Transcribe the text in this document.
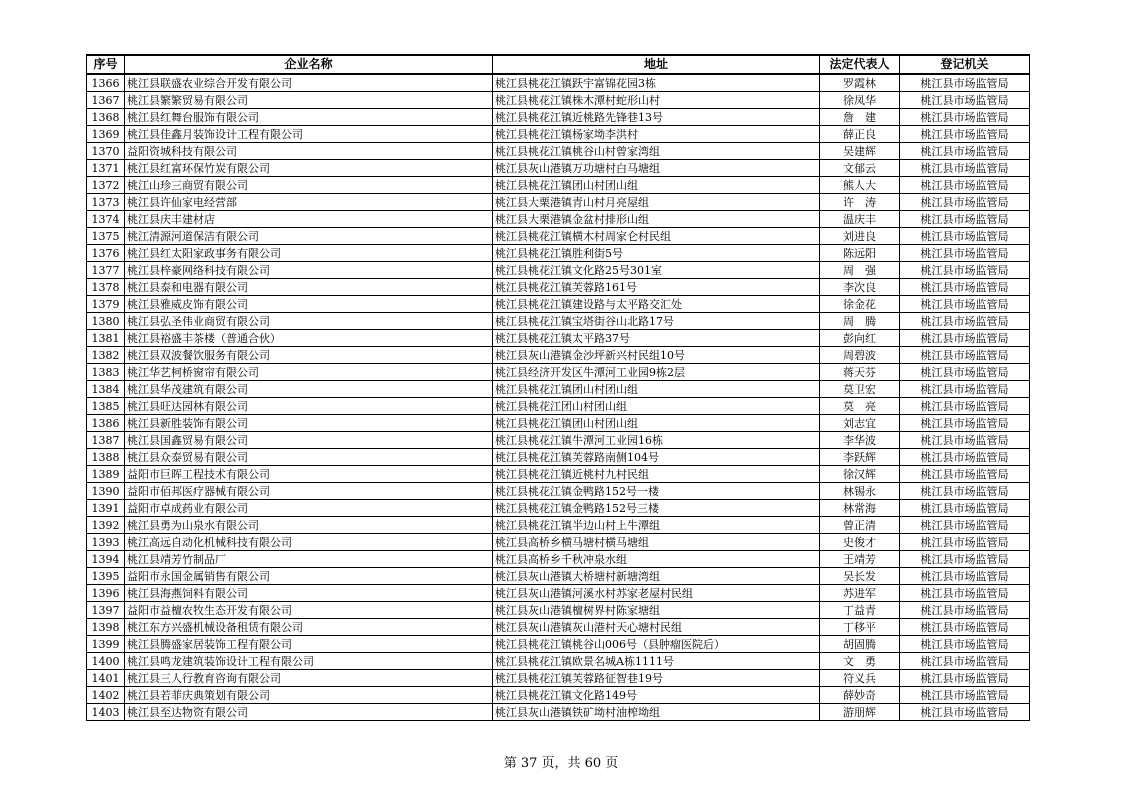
序号	企业名称	地址	法定代表人	登记机关
1366	桃江县联盛农业综合开发有限公司	桃江县桃花江镇跃宇富锦花园3栋	罗霞林	桃江县市场监管局
1367	桃江县繁繁贸易有限公司	桃江县桃花江镇株木潭村蛇形山村	徐凤华	桃江县市场监管局
1368	桃江县红舞台服饰有限公司	桃江县桃花江镇近桃路先锋巷13号	詹　建	桃江县市场监管局
1369	桃江县佳鑫月装饰设计工程有限公司	桃江县桃花江镇杨家坳李洪村	薛正良	桃江县市场监管局
1370	益阳资城科技有限公司	桃江县桃花江镇桃谷山村曾家湾组	吴建辉	桃江县市场监管局
1371	桃江县红富环保竹炭有限公司	桃江县灰山港镇万功塘村白马塘组	文郁云	桃江县市场监管局
1372	桃江山珍三商贸有限公司	桃江县桃花江镇团山村团山组	熊人大	桃江县市场监管局
1373	桃江县许仙家电经营部	桃江县大栗港镇青山村月亮屋组	许　涛	桃江县市场监管局
1374	桃江县庆丰建材店	桃江县大栗港镇金盆村排形山组	温庆丰	桃江县市场监管局
1375	桃江清源河道保洁有限公司	桃江县桃花江镇横木村周家仑村民组	刘进良	桃江县市场监管局
1376	桃江县红太阳家政事务有限公司	桃江县桃花江镇胜利街5号	陈远阳	桃江县市场监管局
1377	桃江县梓豪网络科技有限公司	桃江县桃花江镇文化路25号301室	周　强	桃江县市场监管局
1378	桃江县泰和电器有限公司	桃江县桃花江镇芙蓉路161号	李次良	桃江县市场监管局
1379	桃江县雅威皮饰有限公司	桃江县桃花江镇建设路与太平路交汇处	徐金花	桃江县市场监管局
1380	桃江县弘圣伟业商贸有限公司	桃江县桃花江镇宝塔街谷山北路17号	周　腾	桃江县市场监管局
1381	桃江县裕盛丰茶楼（普通合伙）	桃江县桃花江镇太平路37号	彭向红	桃江县市场监管局
1382	桃江县双波餐饮服务有限公司	桃江县灰山港镇金沙坪新兴村民组10号	周碧波	桃江县市场监管局
1383	桃江华艺柯桥窗帘有限公司	桃江县经济开发区牛潭河工业园9栋2层	蒋天芬	桃江县市场监管局
1384	桃江县华茂建筑有限公司	桃江县桃花江镇团山村团山组	莫卫宏	桃江县市场监管局
1385	桃江县旺达园林有限公司	桃江县桃花江团山村团山组	莫　亮	桃江县市场监管局
1386	桃江县新胜装饰有限公司	桃江县桃花江镇团山村团山组	刘志宜	桃江县市场监管局
1387	桃江县国鑫贸易有限公司	桃江县桃花江镇牛潭河工业园16栋	李华波	桃江县市场监管局
1388	桃江县众泰贸易有限公司	桃江县桃花江镇芙蓉路南侧104号	李跃辉	桃江县市场监管局
1389	益阳市巨晖工程技术有限公司	桃江县桃花江镇近桃村九村民组	徐汉辉	桃江县市场监管局
1390	益阳市佰邦医疗器械有限公司	桃江县桃花江镇金鸭路152号一楼	林锡永	桃江县市场监管局
1391	益阳市卓成药业有限公司	桃江县桃花江镇金鸭路152号三楼	林常海	桃江县市场监管局
1392	桃江县勇为山泉水有限公司	桃江县桃花江镇半边山村上牛潭组	曾正清	桃江县市场监管局
1393	桃江高远自动化机械科技有限公司	桃江县高桥乡横马塘村横马塘组	史俊才	桃江县市场监管局
1394	桃江县靖芳竹制品厂	桃江县高桥乡千秋冲泉水组	王靖芳	桃江县市场监管局
1395	益阳市永国金属销售有限公司	桃江县灰山港镇大桥塘村新塘湾组	吴长发	桃江县市场监管局
1396	桃江县海燕饲料有限公司	桃江县灰山港镇河溪水村苏家老屋村民组	苏进军	桃江县市场监管局
1397	益阳市益檀农牧生态开发有限公司	桃江县灰山港镇檀树界村陈家塘组	丁益青	桃江县市场监管局
1398	桃江东方兴盛机械设备租赁有限公司	桃江县灰山港镇灰山港村天心塘村民组	丁移平	桃江县市场监管局
1399	桃江县腾盛家居装饰工程有限公司	桃江县桃花江镇桃谷山006号（县肿瘤医院后）	胡固腾	桃江县市场监管局
1400	桃江县鸣龙建筑装饰设计工程有限公司	桃江县桃花江镇欧景名城A栋1111号	文　勇	桃江县市场监管局
1401	桃江县三人行教育咨询有限公司	桃江县桃花江镇芙蓉路征智巷19号	符义兵	桃江县市场监管局
1402	桃江县若菲庆典策划有限公司	桃江县桃花江镇文化路149号	薛妙奇	桃江县市场监管局
1403	桃江县至达物资有限公司	桃江县灰山港镇铁矿坳村油榨坳组	游朋辉	桃江县市场监管局
第 37 页，共 60 页
